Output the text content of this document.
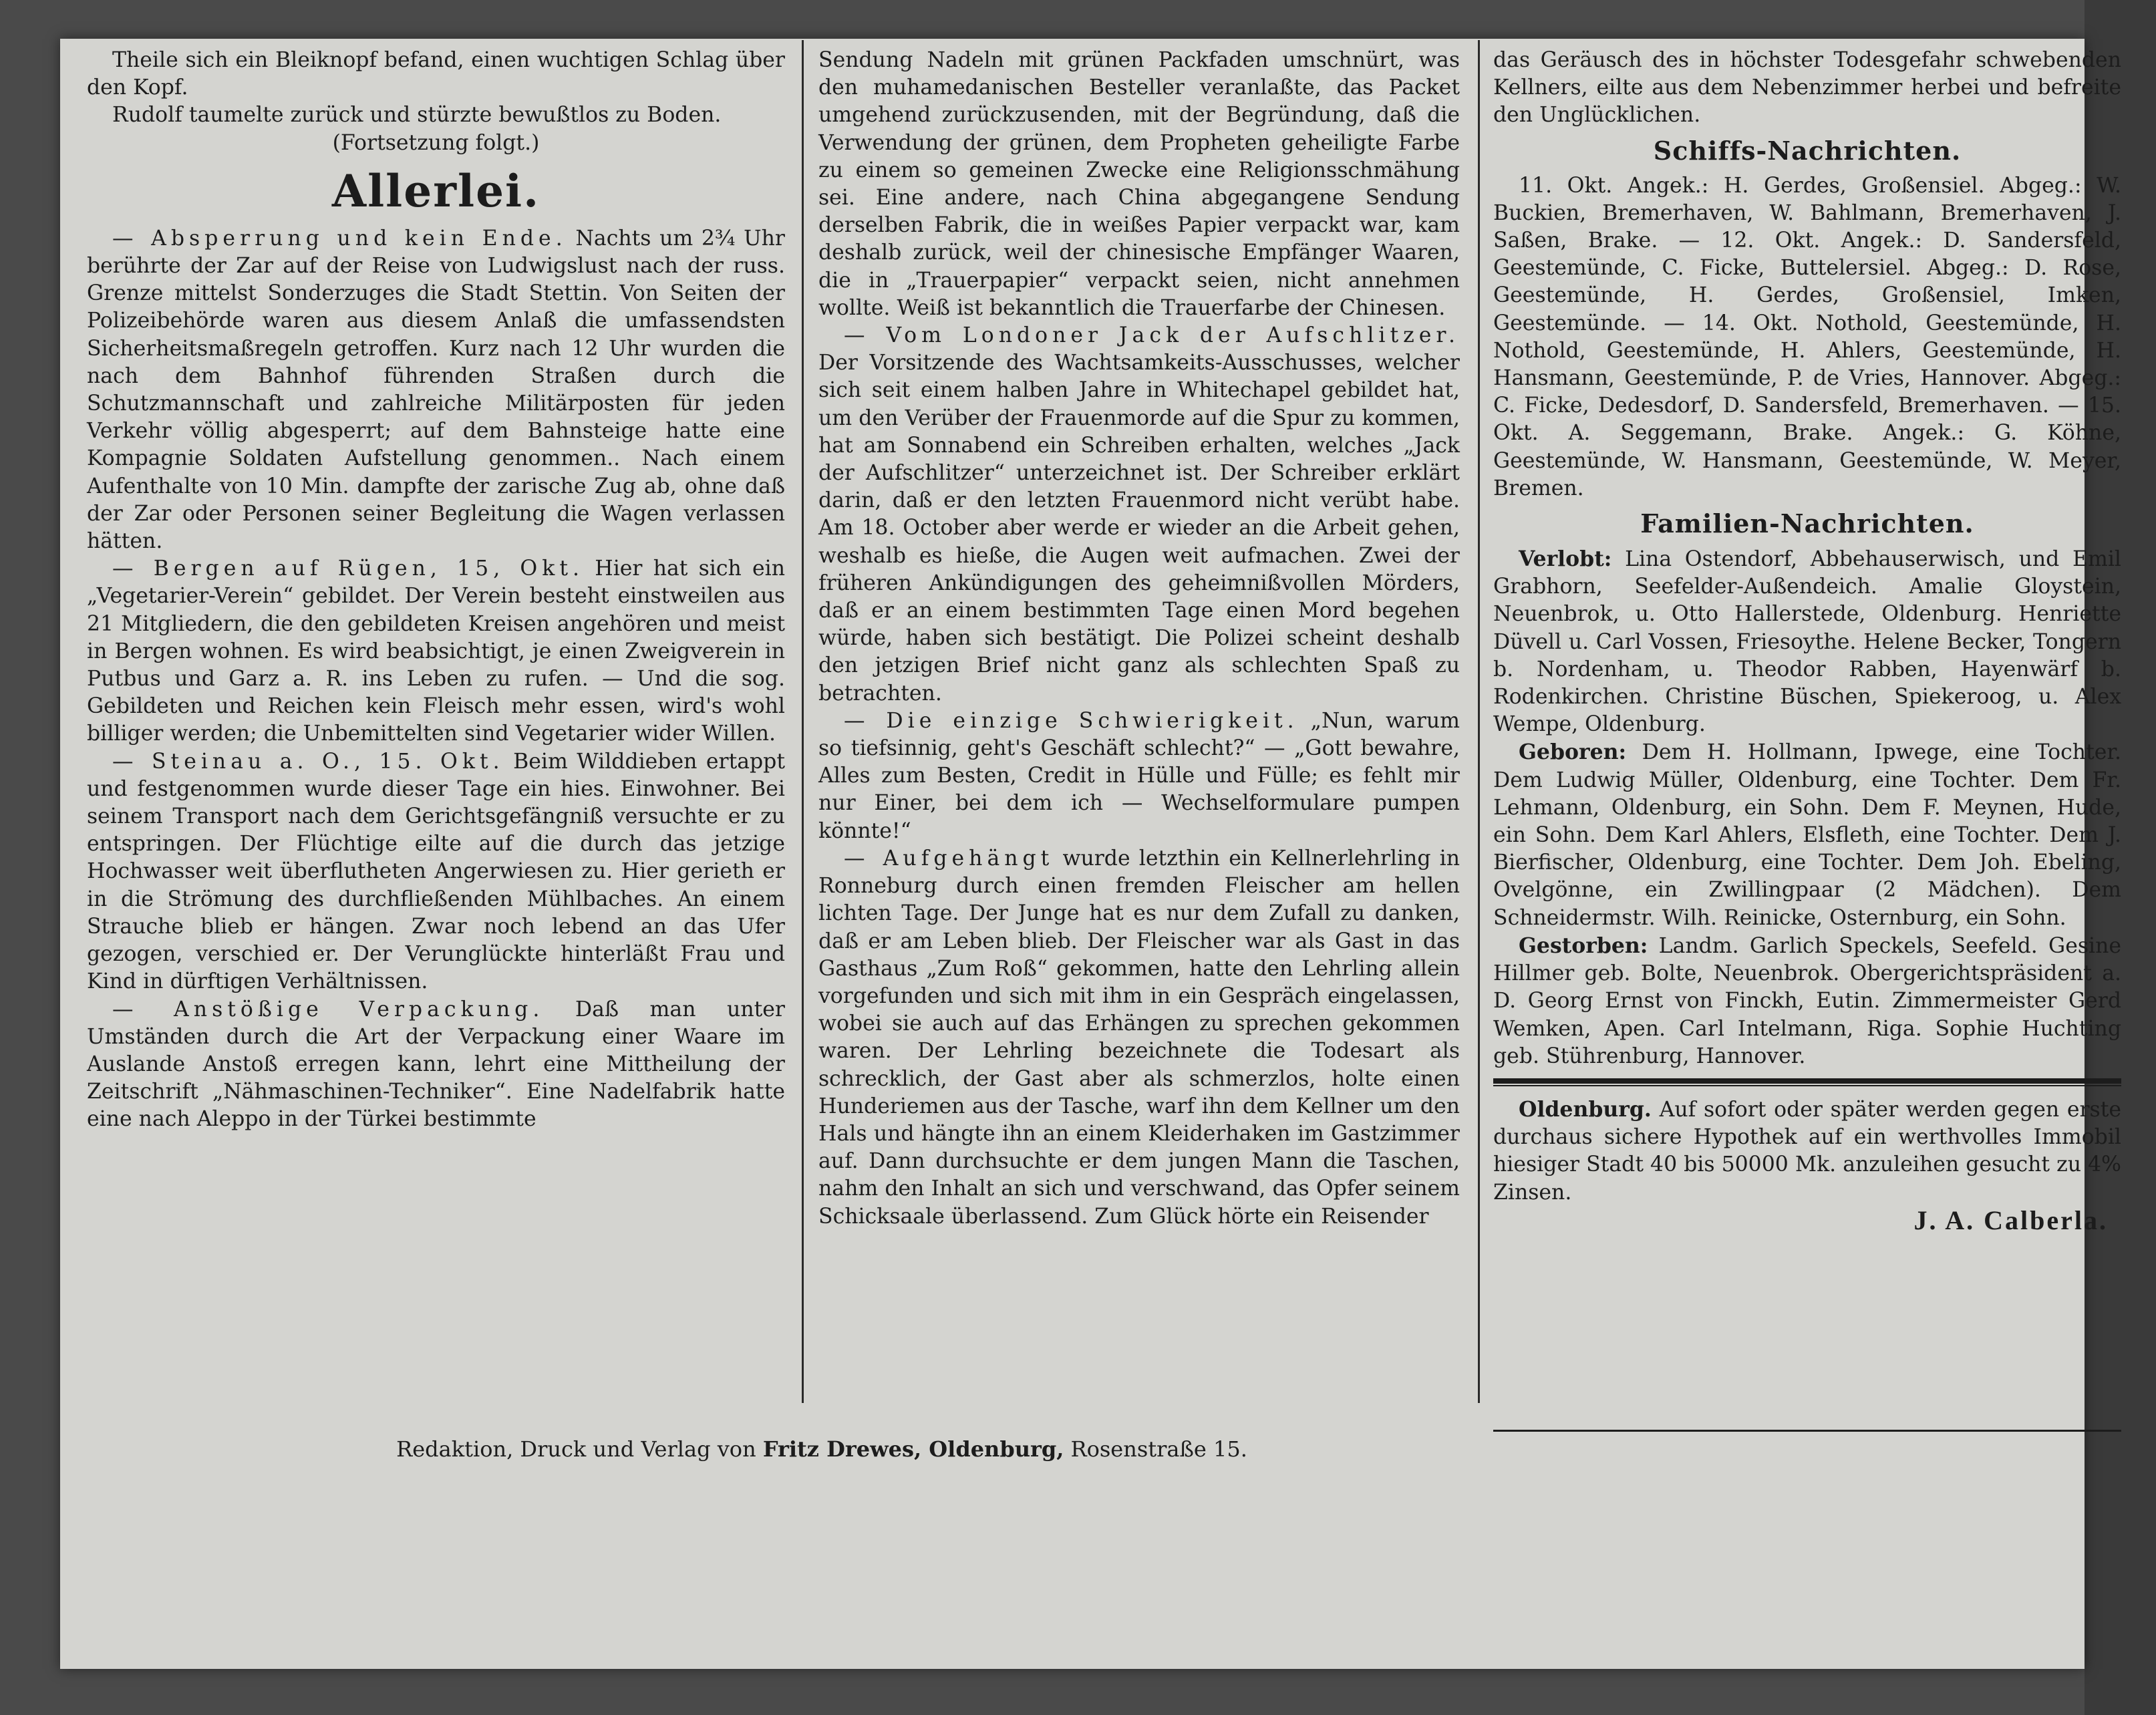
Theile sich ein Bleiknopf befand, einen wuchtigen Schlag über den Kopf.

Rudolf taumelte zurück und stürzte bewußtlos zu Boden.

(Fortsetzung folgt.)

Allerlei.

— Absperrung und kein Ende. Nachts um 2¾ Uhr berührte der Zar auf der Reise von Ludwigslust nach der russ. Grenze mittelst Sonderzuges die Stadt Stettin. Von Seiten der Polizeibehörde waren aus diesem Anlaß die umfassendsten Sicherheitsmaßregeln getroffen. Kurz nach 12 Uhr wurden die nach dem Bahnhof führenden Straßen durch die Schutzmannschaft und zahlreiche Militärposten für jeden Verkehr völlig abgesperrt; auf dem Bahnsteige hatte eine Kompagnie Soldaten Aufstellung genommen.. Nach einem Aufenthalte von 10 Min. dampfte der zarische Zug ab, ohne daß der Zar oder Personen seiner Begleitung die Wagen verlassen hätten.

— Bergen auf Rügen, 15, Okt. Hier hat sich ein „Vegetarier-Verein“ gebildet. Der Verein besteht einstweilen aus 21 Mitgliedern, die den gebildeten Kreisen angehören und meist in Bergen wohnen. Es wird beabsichtigt, je einen Zweigverein in Putbus und Garz a. R. ins Leben zu rufen. — Und die sog. Gebildeten und Reichen kein Fleisch mehr essen, wird's wohl billiger werden; die Unbemittelten sind Vegetarier wider Willen.

— Steinau a. O., 15. Okt. Beim Wilddieben ertappt und festgenommen wurde dieser Tage ein hies. Einwohner. Bei seinem Transport nach dem Gerichtsgefängniß versuchte er zu entspringen. Der Flüchtige eilte auf die durch das jetzige Hochwasser weit überflutheten Angerwiesen zu. Hier gerieth er in die Strömung des durchfließenden Mühlbaches. An einem Strauche blieb er hängen. Zwar noch lebend an das Ufer gezogen, verschied er. Der Verunglückte hinterläßt Frau und Kind in dürftigen Verhältnissen.

— Anstößige Verpackung. Daß man unter Umständen durch die Art der Verpackung einer Waare im Auslande Anstoß erregen kann, lehrt eine Mittheilung der Zeitschrift „Nähmaschinen-Techniker“. Eine Nadelfabrik hatte eine nach Aleppo in der Türkei bestimmte

Sendung Nadeln mit grünen Packfaden umschnürt, was den muhamedanischen Besteller veranlaßte, das Packet umgehend zurückzusenden, mit der Begründung, daß die Verwendung der grünen, dem Propheten geheiligte Farbe zu einem so gemeinen Zwecke eine Religionsschmähung sei. Eine andere, nach China abgegangene Sendung derselben Fabrik, die in weißes Papier verpackt war, kam deshalb zurück, weil der chinesische Empfänger Waaren, die in „Trauerpapier“ verpackt seien, nicht annehmen wollte. Weiß ist bekanntlich die Trauerfarbe der Chinesen.

— Vom Londoner Jack der Aufschlitzer. Der Vorsitzende des Wachtsamkeits-Ausschusses, welcher sich seit einem halben Jahre in Whitechapel gebildet hat, um den Verüber der Frauenmorde auf die Spur zu kommen, hat am Sonnabend ein Schreiben erhalten, welches „Jack der Aufschlitzer“ unterzeichnet ist. Der Schreiber erklärt darin, daß er den letzten Frauenmord nicht verübt habe. Am 18. October aber werde er wieder an die Arbeit gehen, weshalb es hieße, die Augen weit aufmachen. Zwei der früheren Ankündigungen des geheimnißvollen Mörders, daß er an einem bestimmten Tage einen Mord begehen würde, haben sich bestätigt. Die Polizei scheint deshalb den jetzigen Brief nicht ganz als schlechten Spaß zu betrachten.

— Die einzige Schwierigkeit. „Nun, warum so tiefsinnig, geht's Geschäft schlecht?“ — „Gott bewahre, Alles zum Besten, Credit in Hülle und Fülle; es fehlt mir nur Einer, bei dem ich — Wechselformulare pumpen könnte!“

— Aufgehängt wurde letzthin ein Kellnerlehrling in Ronneburg durch einen fremden Fleischer am hellen lichten Tage. Der Junge hat es nur dem Zufall zu danken, daß er am Leben blieb. Der Fleischer war als Gast in das Gasthaus „Zum Roß“ gekommen, hatte den Lehrling allein vorgefunden und sich mit ihm in ein Gespräch eingelassen, wobei sie auch auf das Erhängen zu sprechen gekommen waren. Der Lehrling bezeichnete die Todesart als schrecklich, der Gast aber als schmerzlos, holte einen Hunderiemen aus der Tasche, warf ihn dem Kellner um den Hals und hängte ihn an einem Kleiderhaken im Gastzimmer auf. Dann durchsuchte er dem jungen Mann die Taschen, nahm den Inhalt an sich und verschwand, das Opfer seinem Schicksaale überlassend. Zum Glück hörte ein Reisender

das Geräusch des in höchster Todesgefahr schwebenden Kellners, eilte aus dem Nebenzimmer herbei und befreite den Unglücklichen.

Schiffs-Nachrichten.

11. Okt. Angek.: H. Gerdes, Großensiel. Abgeg.: W. Buckien, Bremerhaven, W. Bahlmann, Bremerhaven, J. Saßen, Brake. — 12. Okt. Angek.: D. Sandersfeld, Geestemünde, C. Ficke, Buttelersiel. Abgeg.: D. Rose, Geestemünde, H. Gerdes, Großensiel, Imken, Geestemünde. — 14. Okt. Nothold, Geestemünde, H. Nothold, Geestemünde, H. Ahlers, Geestemünde, H. Hansmann, Geestemünde, P. de Vries, Hannover. Abgeg.: C. Ficke, Dedesdorf, D. Sandersfeld, Bremerhaven. — 15. Okt. A. Seggemann, Brake. Angek.: G. Köhne, Geestemünde, W. Hansmann, Geestemünde, W. Meyer, Bremen.

Familien-Nachrichten.

Verlobt: Lina Ostendorf, Abbehauserwisch, und Emil Grabhorn, Seefelder-Außendeich. Amalie Gloystein, Neuenbrok, u. Otto Hallerstede, Oldenburg. Henriette Düvell u. Carl Vossen, Friesoythe. Helene Becker, Tongern b. Nordenham, u. Theodor Rabben, Hayenwärf b. Rodenkirchen. Christine Büschen, Spiekeroog, u. Alex Wempe, Oldenburg.

Geboren: Dem H. Hollmann, Ipwege, eine Tochter. Dem Ludwig Müller, Oldenburg, eine Tochter. Dem Fr. Lehmann, Oldenburg, ein Sohn. Dem F. Meynen, Hude, ein Sohn. Dem Karl Ahlers, Elsfleth, eine Tochter. Dem J. Bierfischer, Oldenburg, eine Tochter. Dem Joh. Ebeling, Ovelgönne, ein Zwillingpaar (2 Mädchen). Dem Schneidermstr. Wilh. Reinicke, Osternburg, ein Sohn.

Gestorben: Landm. Garlich Speckels, Seefeld. Gesine Hillmer geb. Bolte, Neuenbrok. Obergerichtspräsident a. D. Georg Ernst von Finckh, Eutin. Zimmermeister Gerd Wemken, Apen. Carl Intelmann, Riga. Sophie Huchting geb. Stührenburg, Hannover.

Oldenburg. Auf sofort oder später werden gegen erste durchaus sichere Hypothek auf ein werthvolles Immobil hiesiger Stadt 40 bis 50000 Mk. anzuleihen gesucht zu 4% Zinsen.

J. A. Calberla.

Redaktion, Druck und Verlag von Fritz Drewes, Oldenburg, Rosenstraße 15.
